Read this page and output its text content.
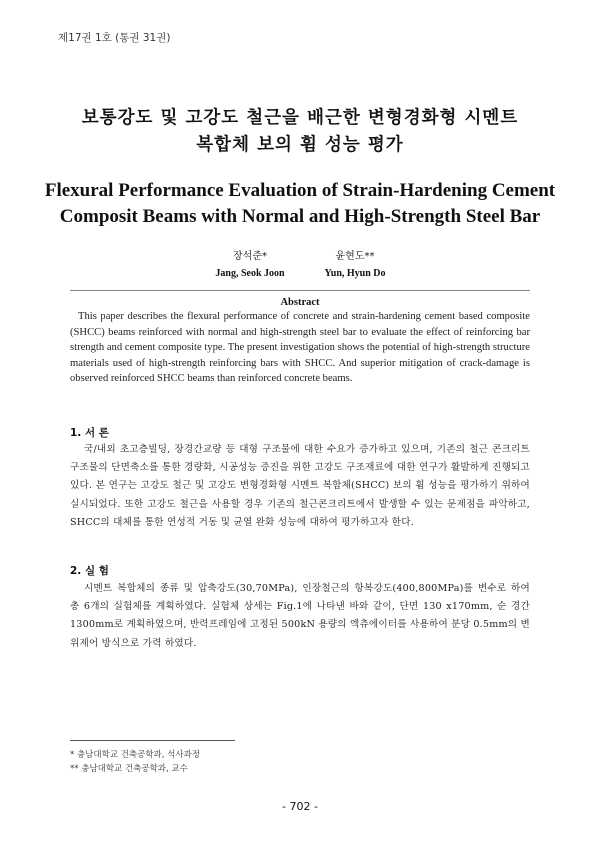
제17권 1호 (통권 31권)
보통강도 및 고강도 철근을 배근한 변형경화형 시멘트
복합체 보의 휨 성능 평가
Flexural Performance Evaluation of Strain-Hardening Cement
Composit Beams with Normal and High-Strength Steel Bar
장석준*
Jang, Seok Joon
윤현도**
Yun, Hyun Do
Abstract
This paper describes the flexural performance of concrete and strain-hardening cement based composite (SHCC) beams reinforced with normal and high-strength steel bar to evaluate the effect of reinforcing bar strength and cement composite type. The present investigation shows the potential of high-strength structure materials used of high-strength reinforcing bars with SHCC. And superior mitigation of crack-damage is observed reinforced SHCC beams than reinforced concrete beams.
1. 서 론
국/내외 초고층빌딩, 장경간교량 등 대형 구조물에 대한 수요가 증가하고 있으며, 기존의 철근 콘크리트 구조물의 단면축소를 통한 경량화, 시공성능 증진을 위한 고강도 구조재료에 대한 연구가 활발하게 진행되고 있다. 본 연구는 고강도 철근 및 고강도 변형경화형 시멘트 복합체(SHCC) 보의 휨 성능을 평가하기 위하여 실시되었다. 또한 고강도 철근을 사용할 경우 기존의 철근콘크리트에서 발생할 수 있는 문제점을 파악하고, SHCC의 대체를 통한 연성적 거동 및 균열 완화 성능에 대하여 평가하고자 한다.
2. 실 험
시멘트 복합체의 종류 및 압축강도(30,70MPa), 인장철근의 항복강도(400,800MPa)를 변수로 하여 총 6개의 실험체를 계획하였다. 실험체 상세는 Fig.1에 나타낸 바와 같이, 단면 130 x170mm, 순 경간 1300mm로 계획하였으며, 반력프레임에 고정된 500kN 용량의 엑츄에이터를 사용하여 분당 0.5mm의 변위제어 방식으로 가력 하였다.
* 충남대학교 건축공학과, 석사과정
** 충남대학교 건축공학과, 교수
- 702 -
